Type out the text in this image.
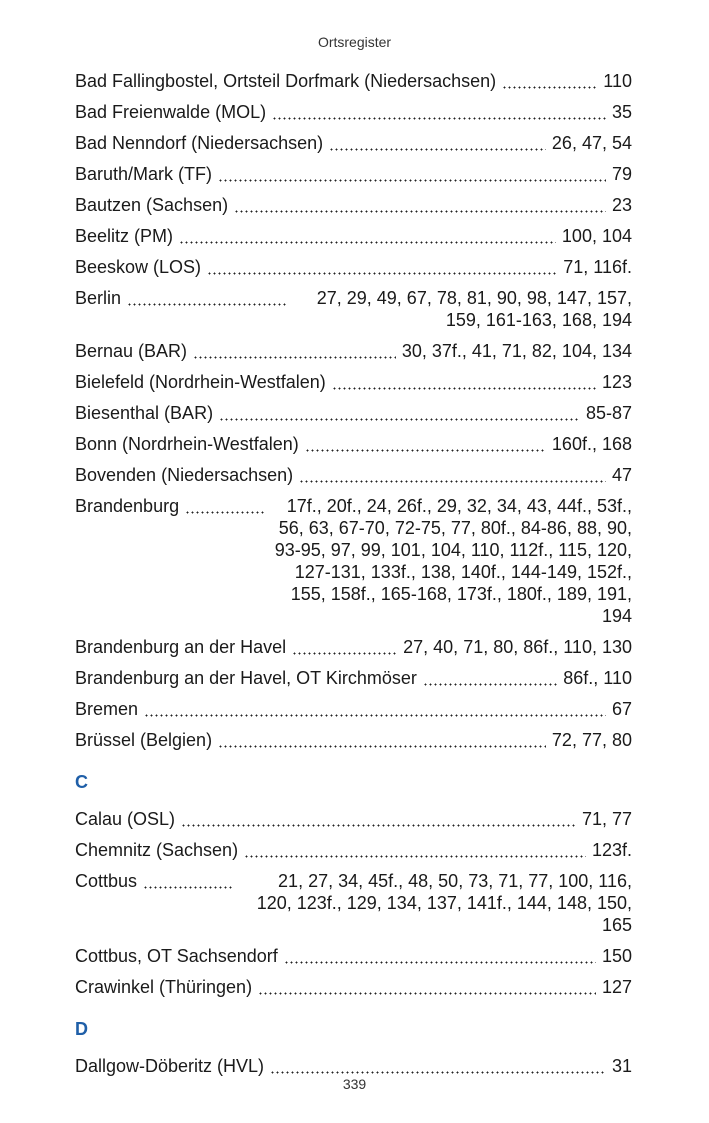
Ortsregister
Bad Fallingbostel, Ortsteil Dorfmark (Niedersachsen)	110
Bad Freienwalde (MOL)	35
Bad Nenndorf (Niedersachsen)	26, 47, 54
Baruth/Mark (TF)	79
Bautzen (Sachsen)	23
Beelitz (PM)	100, 104
Beeskow (LOS)	71, 116f.
Berlin	27, 29, 49, 67, 78, 81, 90, 98, 147, 157, 159, 161-163, 168, 194
Bernau (BAR)	30, 37f., 41, 71, 82, 104, 134
Bielefeld (Nordrhein-Westfalen)	123
Biesenthal (BAR)	85-87
Bonn (Nordrhein-Westfalen)	160f., 168
Bovenden (Niedersachsen)	47
Brandenburg	17f., 20f., 24, 26f., 29, 32, 34, 43, 44f., 53f., 56, 63, 67-70, 72-75, 77, 80f., 84-86, 88, 90, 93-95, 97, 99, 101, 104, 110, 112f., 115, 120, 127-131, 133f., 138, 140f., 144-149, 152f., 155, 158f., 165-168, 173f., 180f., 189, 191, 194
Brandenburg an der Havel	27, 40, 71, 80, 86f., 110, 130
Brandenburg an der Havel, OT Kirchmöser	86f., 110
Bremen	67
Brüssel (Belgien)	72, 77, 80
C
Calau (OSL)	71, 77
Chemnitz (Sachsen)	123f.
Cottbus	21, 27, 34, 45f., 48, 50, 73, 71, 77, 100, 116, 120, 123f., 129, 134, 137, 141f., 144, 148, 150, 165
Cottbus, OT Sachsendorf	150
Crawinkel (Thüringen)	127
D
Dallgow-Döberitz (HVL)	31
339
